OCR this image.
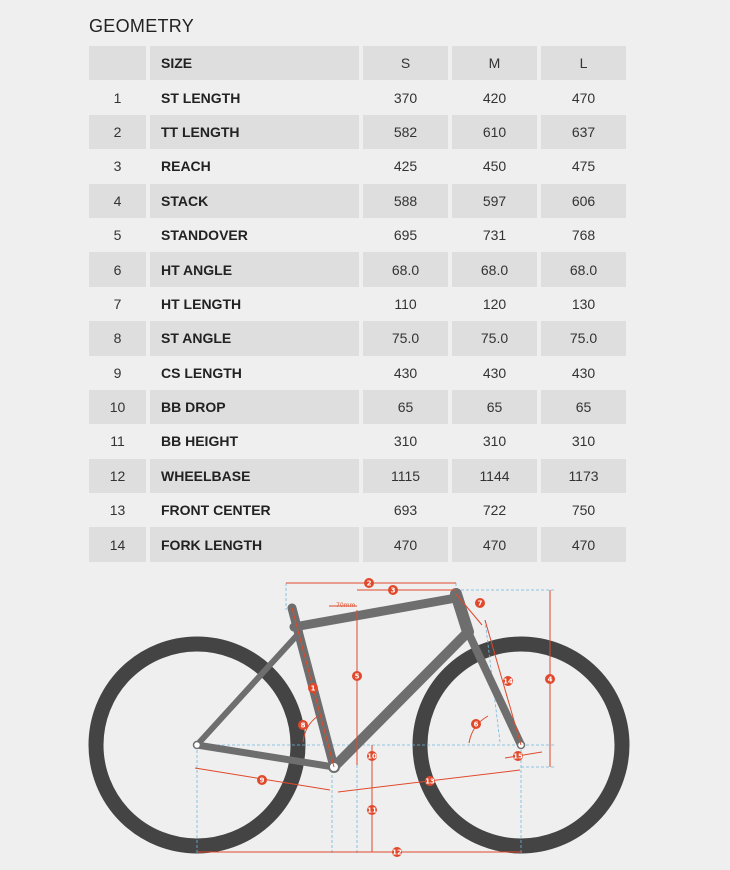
GEOMETRY
	SIZE	S	M	L
1	ST LENGTH	370	420	470
2	TT LENGTH	582	610	637
3	REACH	425	450	475
4	STACK	588	597	606
5	STANDOVER	695	731	768
6	HT ANGLE	68.0	68.0	68.0
7	HT LENGTH	110	120	130
8	ST ANGLE	75.0	75.0	75.0
9	CS LENGTH	430	430	430
10	BB DROP	65	65	65
11	BB HEIGHT	310	310	310
12	WHEELBASE	1115	1144	1173
13	FRONT CENTER	693	722	750
14	FORK LENGTH	470	470	470
1
2
3
4
5
6
7
8
9
10
11
12
13
14
15
70mm
